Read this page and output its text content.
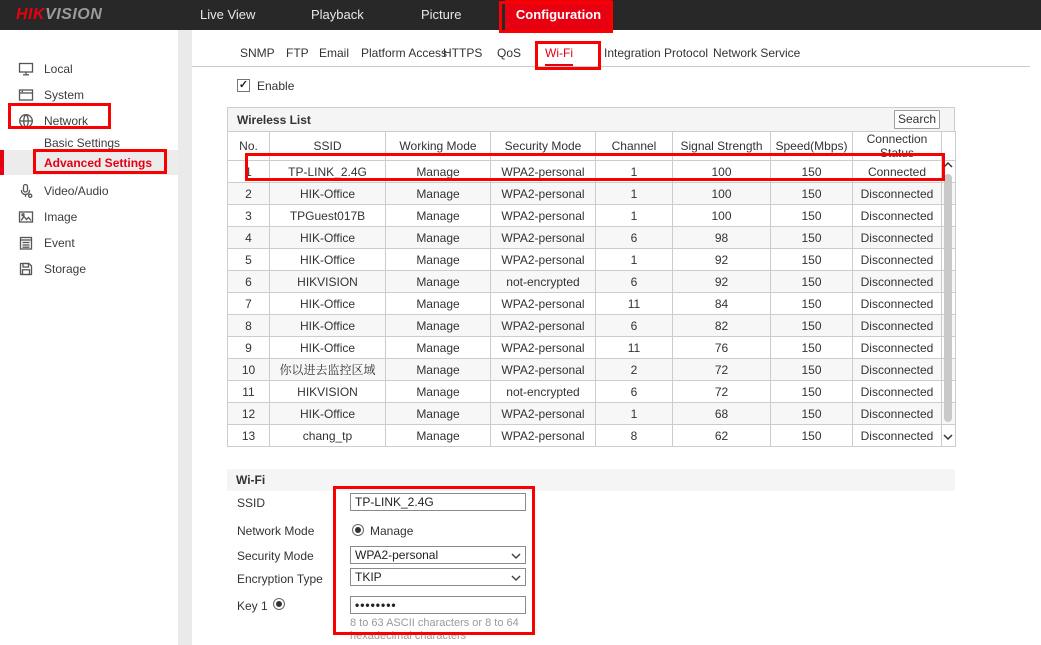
HIKVISION	Live View	Playback	Picture	Configuration
Local
System
Network
Basic Settings
Advanced Settings
Video/Audio
Image
Event
Storage
SNMP FTP Email Platform Access
HTTPS QoS Wi-Fi	Integration Protocol Network Service
✓ Enable
Wireless List	Search
No.	SSID	Working Mode	Security Mode	Channel	Signal Strength	Speed(Mbps)	Connection Status	
1	TP-LINK_2.4G	Manage	WPA2-personal	1	100	150	Connected	
2	HIK-Office	Manage	WPA2-personal	1	100	150	Disconnected	
3	TPGuest017B	Manage	WPA2-personal	1	100	150	Disconnected	
4	HIK-Office	Manage	WPA2-personal	6	98	150	Disconnected	
5	HIK-Office	Manage	WPA2-personal	1	92	150	Disconnected	
6	HIKVISION	Manage	not-encrypted	6	92	150	Disconnected	
7	HIK-Office	Manage	WPA2-personal	11	84	150	Disconnected	
8	HIK-Office	Manage	WPA2-personal	6	82	150	Disconnected	
9	HIK-Office	Manage	WPA2-personal	11	76	150	Disconnected	
10	你以进去监控区域	Manage	WPA2-personal	2	72	150	Disconnected	
11	HIKVISION	Manage	not-encrypted	6	72	150	Disconnected	
12	HIK-Office	Manage	WPA2-personal	1	68	150	Disconnected	
13	chang_tp	Manage	WPA2-personal	8	62	150	Disconnected	
Wi-Fi
SSID
TP-LINK_2.4G
Network Mode	Manage
Security Mode	WPA2-personal
Encryption Type	TKIP
Key 1
••••••••
8 to 63 ASCII characters or 8 to 64 hexadecimal characters
